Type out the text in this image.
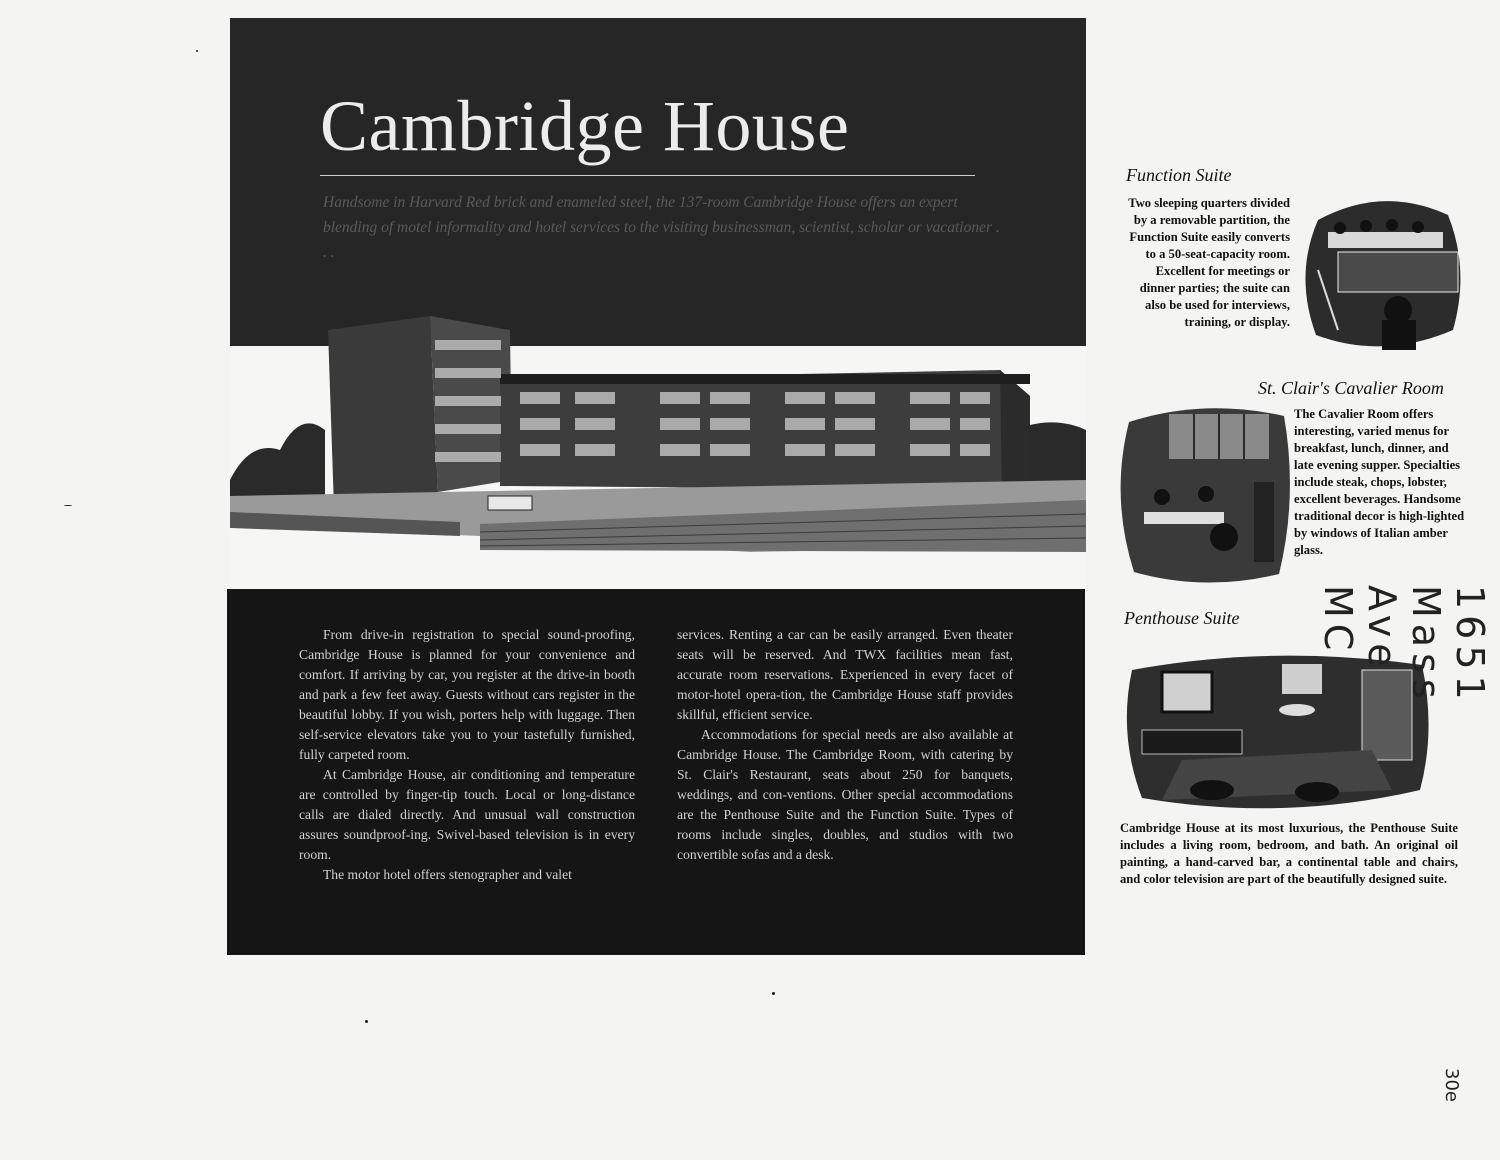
Cambridge House

Handsome in Harvard Red brick and enameled steel, the 137-room Cambridge House offers an expert blending of motel informality and hotel services to the visiting businessman, scientist, scholar or vacationer . . .

From drive-in registration to special sound-proofing, Cambridge House is planned for your convenience and comfort. If arriving by car, you register at the drive-in booth and park a few feet away. Guests without cars register in the beautiful lobby. If you wish, porters help with luggage. Then self-service elevators take you to your tastefully furnished, fully carpeted room.

At Cambridge House, air conditioning and temperature are controlled by finger-tip touch. Local or long-distance calls are dialed directly. And unusual wall construction assures soundproof-ing. Swivel-based television is in every room.

The motor hotel offers stenographer and valet

services. Renting a car can be easily arranged. Even theater seats will be reserved. And TWX facilities mean fast, accurate room reservations. Experienced in every facet of motor-hotel opera-tion, the Cambridge House staff provides skillful, efficient service.

Accommodations for special needs are also available at Cambridge House. The Cambridge Room, with catering by St. Clair's Restaurant, seats about 250 for banquets, weddings, and con-ventions. Other special accommodations are the Penthouse Suite and the Function Suite. Types of rooms include singles, doubles, and studios with two convertible sofas and a desk.

Function Suite

Two sleeping quarters divided by a removable partition, the Function Suite easily converts to a 50-seat-capacity room. Excellent for meetings or dinner parties; the suite can also be used for interviews, training, or display.

St. Clair's Cavalier Room

The Cavalier Room offers interesting, varied menus for breakfast, lunch, dinner, and late evening supper. Specialties include steak, chops, lobster, excellent beverages. Handsome traditional decor is high-lighted by windows of Italian amber glass.

Penthouse Suite

Cambridge House at its most luxurious, the Penthouse Suite includes a living room, bedroom, and bath. An original oil painting, a hand-carved bar, a continental table and chairs, and color television are part of the beautifully designed suite.

1651 Mass Ave MC
30e
